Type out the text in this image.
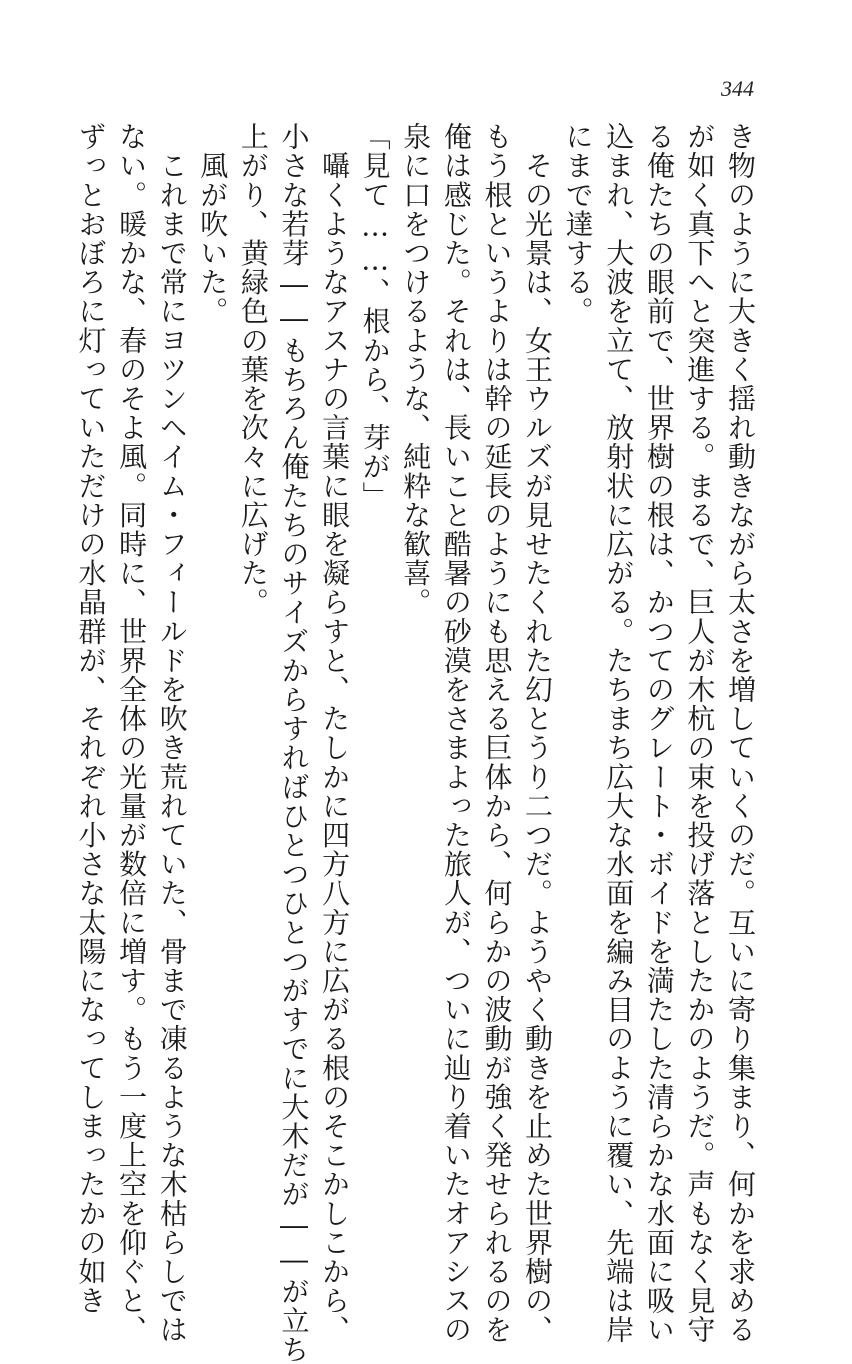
344
き物のように大きく揺れ動きながら太さを増していくのだ。互いに寄り集まり、何かを求める
が如く真下へと突進する。まるで、巨人が木杭の束を投げ落としたかのようだ。声もなく見守
る俺たちの眼前で、世界樹の根は、かつてのグレート・ボイドを満たした清らかな水面に吸い
込まれ、大波を立て、放射状に広がる。たちまち広大な水面を編み目のように覆い、先端は岸
にまで達する。
　その光景は、女王ウルズが見せたくれた幻とうり二つだ。ようやく動きを止めた世界樹の、
もう根というよりは幹の延長のようにも思える巨体から、何らかの波動が強く発せられるのを
俺は感じた。それは、長いこと酷暑の砂漠をさまよった旅人が、ついに辿り着いたオアシスの
泉に口をつけるような、純粋な歓喜。
「見て……、根から、芽が」
　囁くようなアスナの言葉に眼を凝らすと、たしかに四方八方に広がる根のそこかしこから、
小さな若芽――もちろん俺たちのサイズからすればひとつひとつがすでに大木だが――が立ち
上がり、黄緑色の葉を次々に広げた。
　風が吹いた。
　これまで常にヨツンヘイム・フィールドを吹き荒れていた、骨まで凍るような木枯らしでは
ない。暖かな、春のそよ風。同時に、世界全体の光量が数倍に増す。もう一度上空を仰ぐと、
ずっとおぼろに灯っていただけの水晶群が、それぞれ小さな太陽になってしまったかの如き
